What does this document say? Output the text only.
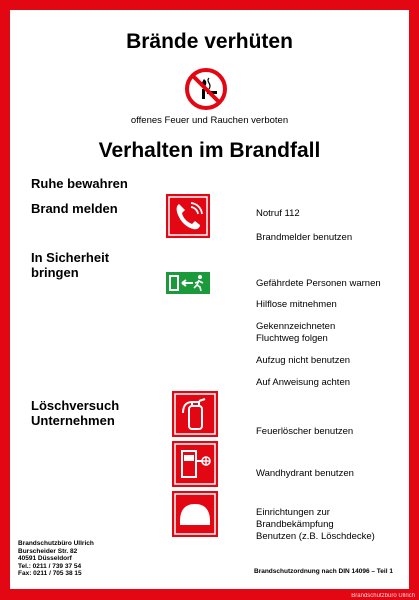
Brände verhüten
offenes Feuer und Rauchen verboten
Verhalten im Brandfall
Ruhe bewahren
Brand melden	Notruf 112
Brandmelder benutzen
In Sicherheit
bringen
Gefährdete Personen warnen
Hilflose mitnehmen
Gekennzeichneten
Fluchtweg folgen
Aufzug nicht benutzen
Auf Anweisung achten
Löschversuch
Unternehmen
Feuerlöscher benutzen
Wandhydrant benutzen
Einrichtungen zur
Brandbekämpfung
Benutzen (z.B. Löschdecke)
Brandschutzbüro Ullrich
Burscheider Str. 82
40591 Düsseldorf
Tel.: 0211 / 739 37 54
Fax: 0211 / 705 38 15	Brandschutzordnung nach DIN 14096 – Teil 1
Brandschutzbüro Ullrich
